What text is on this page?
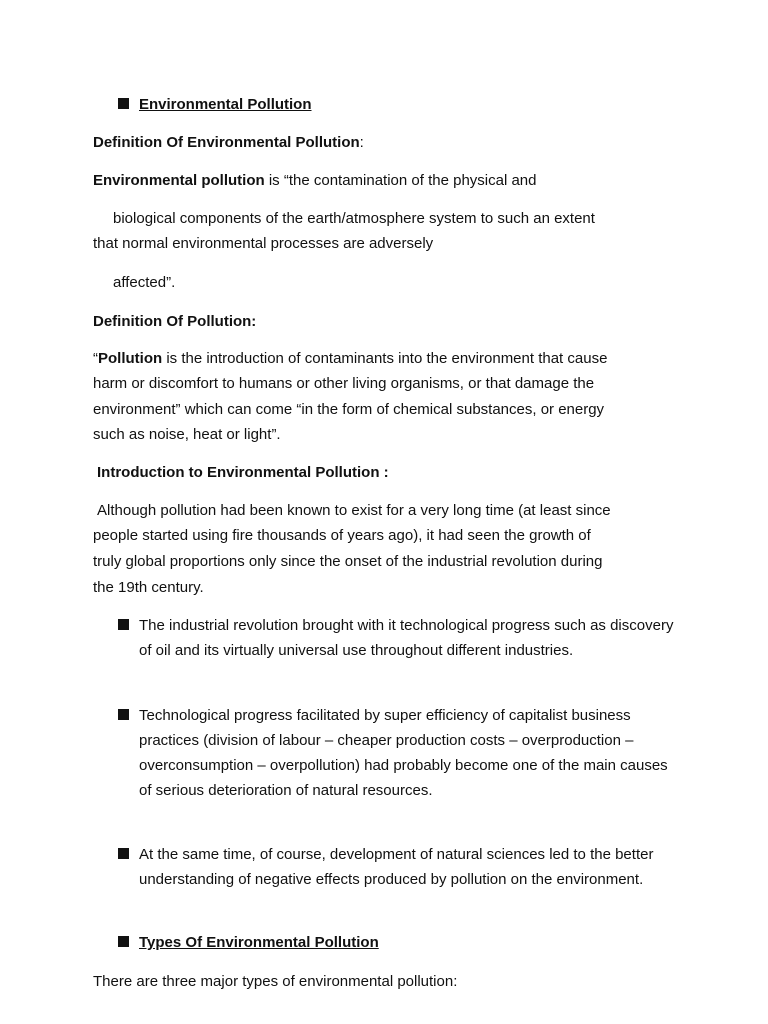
Environmental Pollution
Definition Of Environmental Pollution:
Environmental pollution is “the contamination of the physical and
biological components of the earth/atmosphere system to such an extent
that normal environmental processes are adversely
affected”.
Definition Of Pollution:
“Pollution is the introduction of contaminants into the environment that cause
harm or discomfort to humans or other living organisms, or that damage the
environment” which can come “in the form of chemical substances, or energy
such as noise, heat or light”.
Introduction to Environmental Pollution :
Although pollution had been known to exist for a very long time (at least since
people started using fire thousands of years ago), it had seen the growth of
truly global proportions only since the onset of the industrial revolution during
the 19th century.
The industrial revolution brought with it technological progress such as discovery of oil and its virtually universal use throughout different industries.
Technological progress facilitated by super efficiency of capitalist business practices (division of labour – cheaper production costs – overproduction – overconsumption – overpollution) had probably become one of the main causes of serious deterioration of natural resources.
At the same time, of course, development of natural sciences led to the better understanding of negative effects produced by pollution on the environment.
Types Of Environmental Pollution
There are three major types of environmental pollution:
